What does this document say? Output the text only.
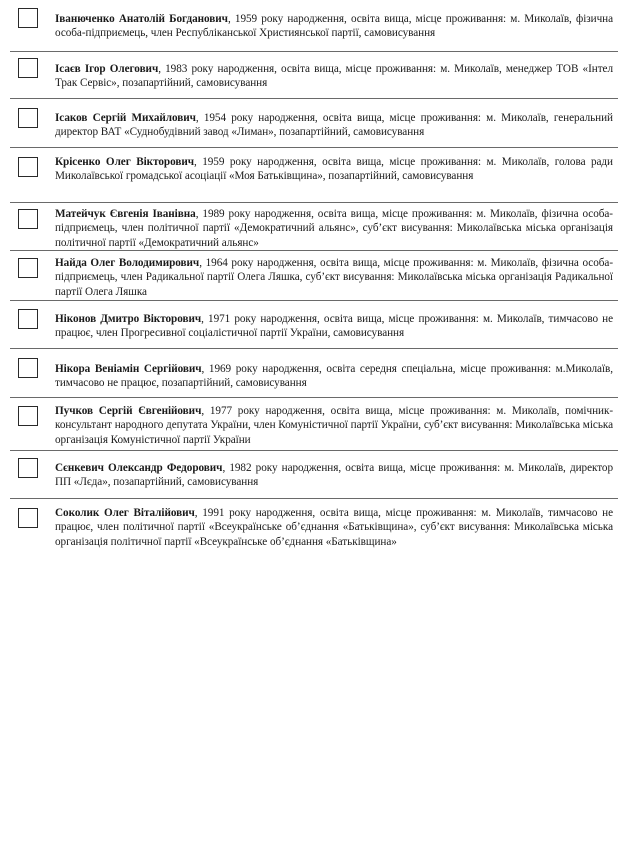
Іванюченко Анатолій Богданович, 1959 року народження, освіта вища, місце проживання: м. Миколаїв, фізична особа-підприємець, член Республіканської Християнської партії, самовисування
Ісаєв Ігор Олегович, 1983 року народження, освіта вища, місце проживання: м. Миколаїв, менеджер ТОВ «Інтел Трак Сервіс», позапартійний, самовисування
Ісаков Сергій Михайлович, 1954 року народження, освіта вища, місце проживання: м. Миколаїв, генеральний директор ВАТ «Суднобудівний завод «Лиман», позапартійний, самовисування
Крісенко Олег Вікторович, 1959 року народження, освіта вища, місце проживання: м. Миколаїв, голова ради Миколаївської громадської асоціації «Моя Батьківщина», позапартійний, самовисування
Матейчук Євгенія Іванівна, 1989 року народження, освіта вища, місце проживання: м. Миколаїв, фізична особа-підприємець, член політичної партії «Демократичний альянс», суб’єкт висування: Миколаївська міська організація політичної партії «Демократичний альянс»
Найда Олег Володимирович, 1964 року народження, освіта вища, місце проживання: м. Миколаїв, фізична особа-підприємець, член Радикальної партії Олега Ляшка, суб’єкт висування: Миколаївська міська організація Радикальної партії Олега Ляшка
Ніконов Дмитро Вікторович, 1971 року народження, освіта вища, місце проживання: м. Миколаїв, тимчасово не працює, член Прогресивної соціалістичної партії України, самовисування
Нікора Веніамін Сергійович, 1969 року народження, освіта середня спеціальна, місце проживання: м.Миколаїв, тимчасово не працює, позапартійний, самовисування
Пучков Сергій Євгенійович, 1977 року народження, освіта вища, місце проживання: м. Миколаїв, помічник-консультант народного депутата України, член Комуністичної партії України, суб’єкт висування: Миколаївська міська організація Комуністичної партії України
Сєнкевич Олександр Федорович, 1982 року народження, освіта вища, місце проживання: м. Миколаїв, директор ПП «Лєда», позапартійний, самовисування
Соколик Олег Віталійович, 1991 року народження, освіта вища, місце проживання: м. Миколаїв, тимчасово не працює, член політичної партії «Всеукраїнське об’єднання «Батьківщина», суб’єкт висування: Миколаївська міська організація політичної партії «Всеукраїнське об’єднання «Батьківщина»
